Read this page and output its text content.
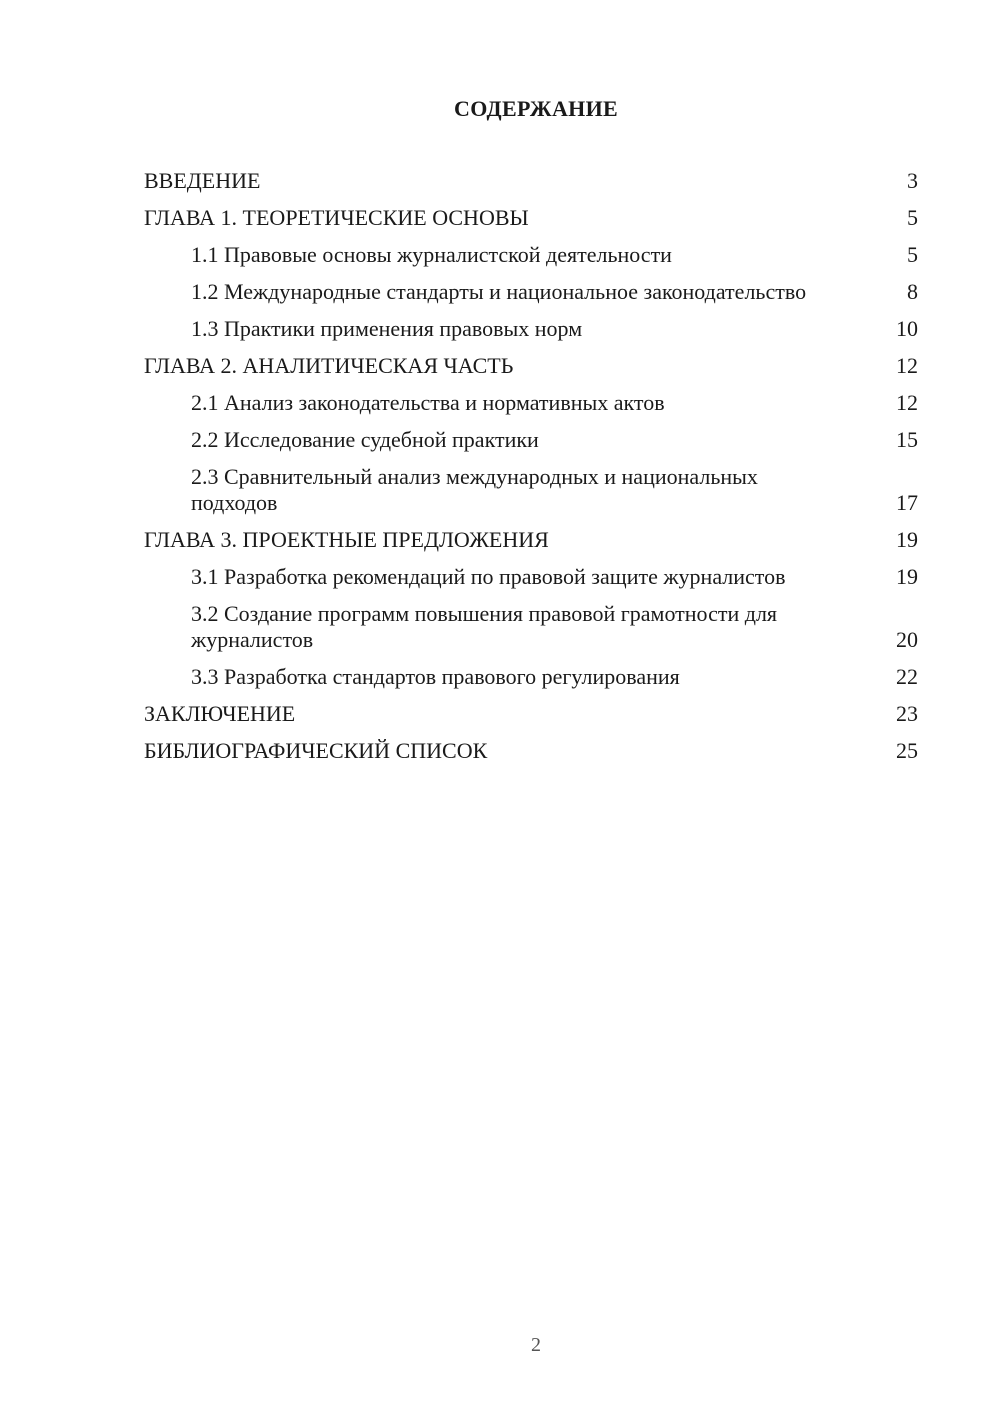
СОДЕРЖАНИЕ
ВВЕДЕНИЕ	3
ГЛАВА 1. ТЕОРЕТИЧЕСКИЕ ОСНОВЫ	5
1.1 Правовые основы журналистской деятельности	5
1.2 Международные стандарты и национальное законодательство	8
1.3 Практики применения правовых норм	10
ГЛАВА 2. АНАЛИТИЧЕСКАЯ ЧАСТЬ	12
2.1 Анализ законодательства и нормативных актов	12
2.2 Исследование судебной практики	15
2.3 Сравнительный анализ международных и национальных подходов	17
ГЛАВА 3. ПРОЕКТНЫЕ ПРЕДЛОЖЕНИЯ	19
3.1 Разработка рекомендаций по правовой защите журналистов	19
3.2 Создание программ повышения правовой грамотности для журналистов	20
3.3 Разработка стандартов правового регулирования	22
ЗАКЛЮЧЕНИЕ	23
БИБЛИОГРАФИЧЕСКИЙ СПИСОК	25
2
